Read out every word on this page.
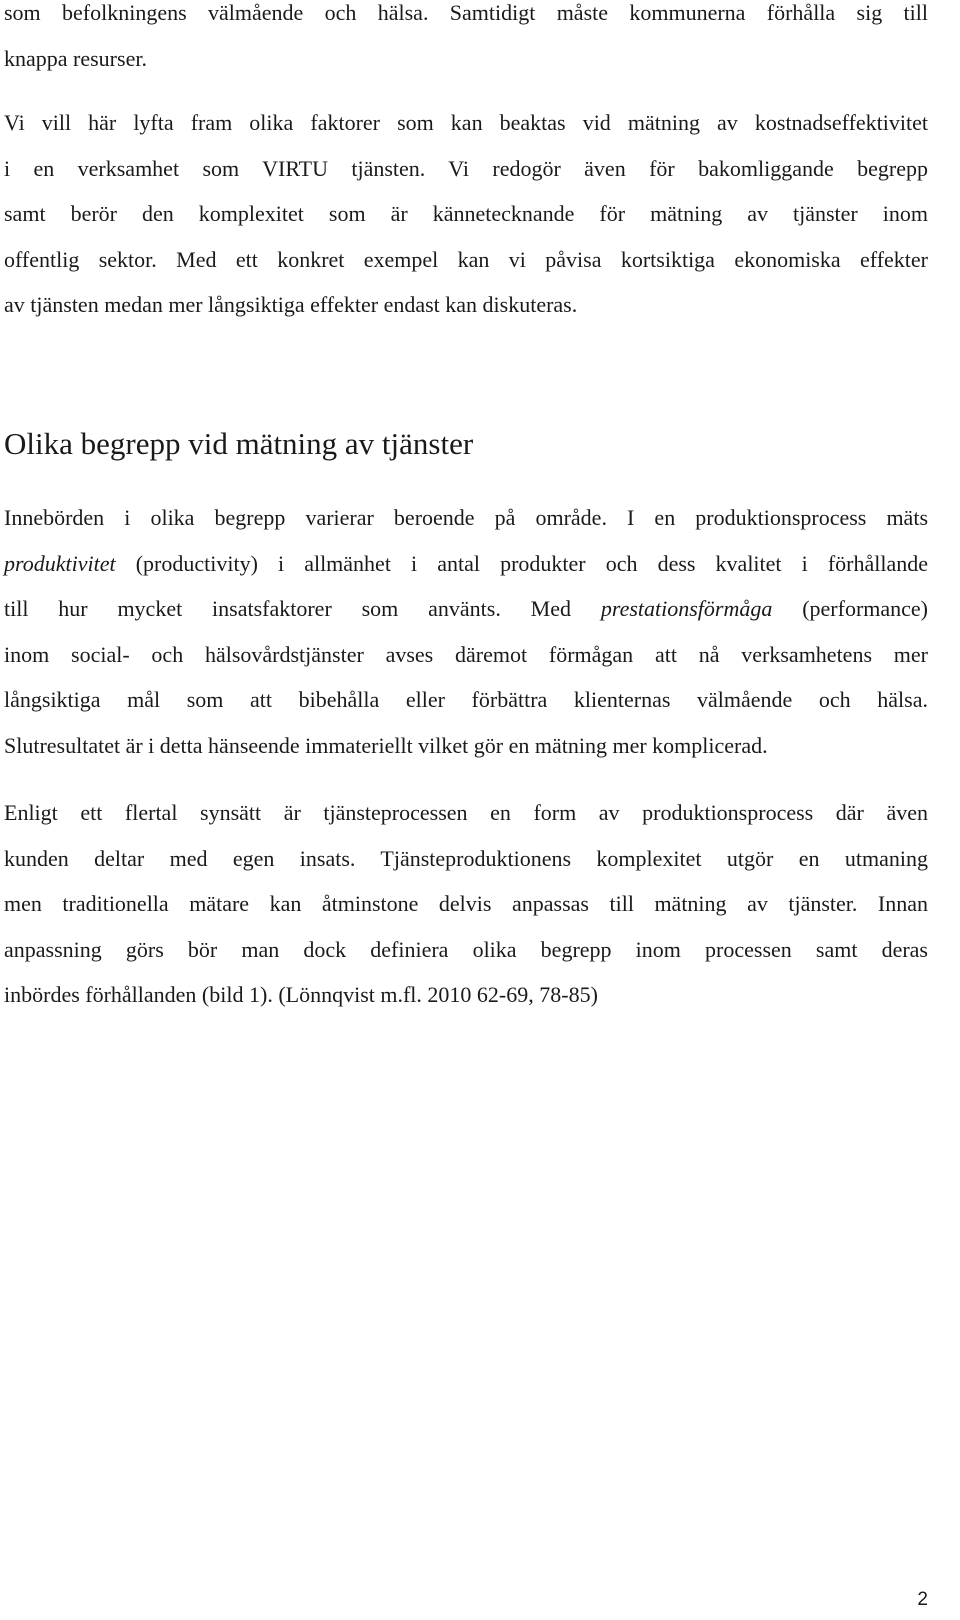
som befolkningens välmående och hälsa. Samtidigt måste kommunerna förhålla sig till
knappa resurser.

Vi vill här lyfta fram olika faktorer som kan beaktas vid mätning av kostnadseffektivitet
i en verksamhet som VIRTU tjänsten. Vi redogör även för bakomliggande begrepp
samt berör den komplexitet som är kännetecknande för mätning av tjänster inom
offentlig sektor. Med ett konkret exempel kan vi påvisa kortsiktiga ekonomiska effekter
av tjänsten medan mer långsiktiga effekter endast kan diskuteras.

Olika begrepp vid mätning av tjänster

Innebörden i olika begrepp varierar beroende på område. I en produktionsprocess mäts
produktivitet (productivity) i allmänhet i antal produkter och dess kvalitet i förhållande
till hur mycket insatsfaktorer som använts. Med prestationsförmåga (performance)
inom social- och hälsovårdstjänster avses däremot förmågan att nå verksamhetens mer
långsiktiga mål som att bibehålla eller förbättra klienternas välmående och hälsa.
Slutresultatet är i detta hänseende immateriellt vilket gör en mätning mer komplicerad.

Enligt ett flertal synsätt är tjänsteprocessen en form av produktionsprocess där även
kunden deltar med egen insats. Tjänsteproduktionens komplexitet utgör en utmaning
men traditionella mätare kan åtminstone delvis anpassas till mätning av tjänster. Innan
anpassning görs bör man dock definiera olika begrepp inom processen samt deras
inbördes förhållanden (bild 1). (Lönnqvist m.fl. 2010 62-69, 78-85)

2
